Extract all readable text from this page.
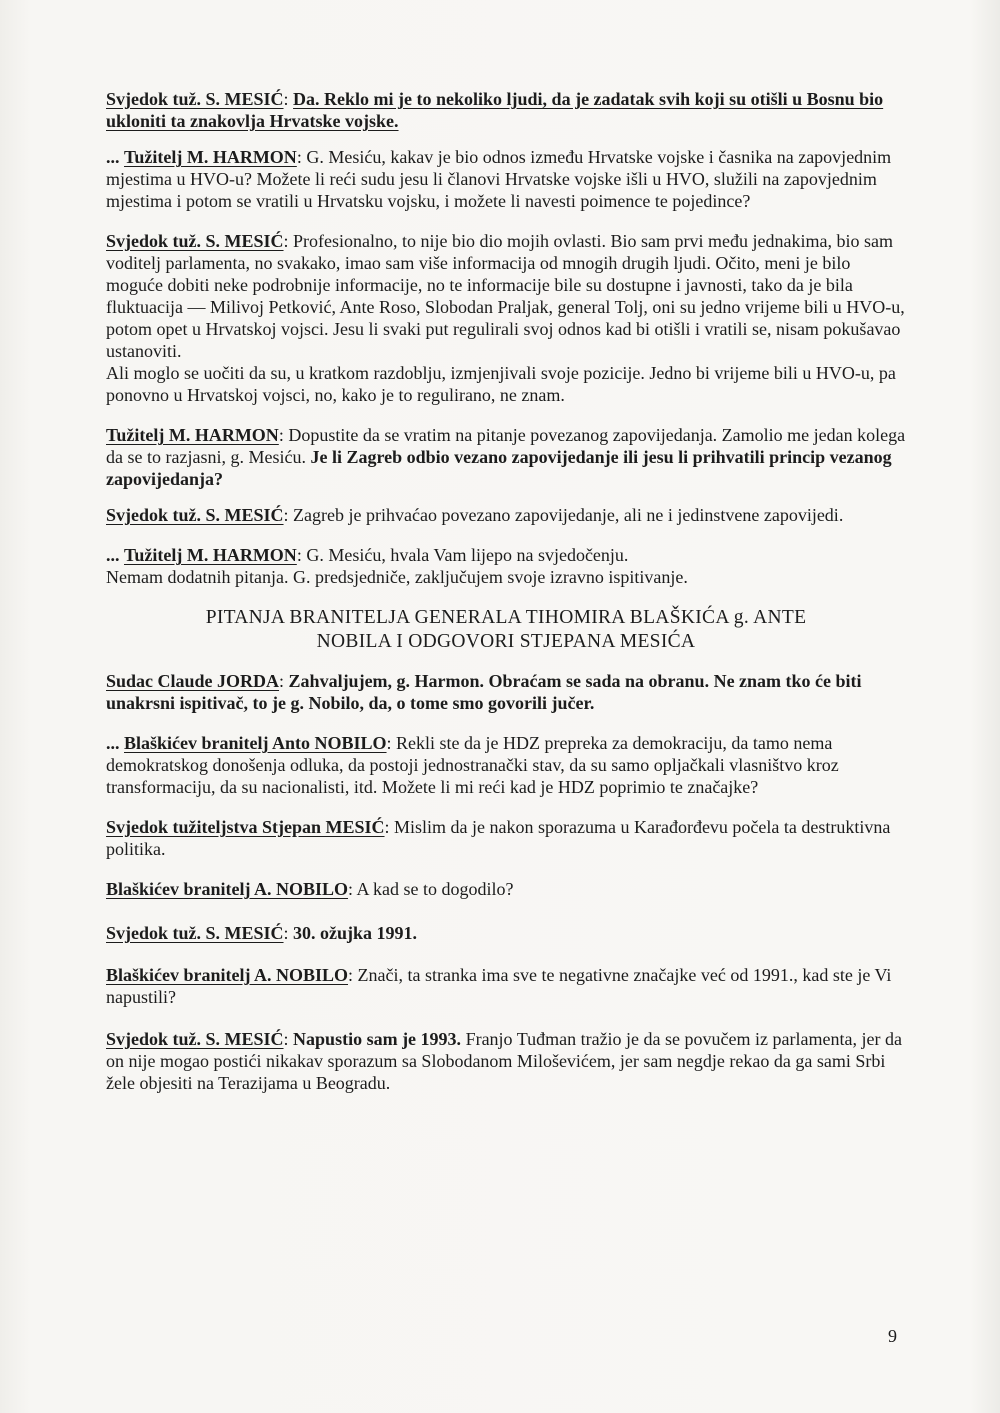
Svjedok tuž. S. MESIĆ: Da. Reklo mi je to nekoliko ljudi, da je zadatak svih koji su otišli u Bosnu bio ukloniti ta znakovlja Hrvatske vojske.

... Tužitelj M. HARMON: G. Mesiću, kakav je bio odnos između Hrvatske vojske i časnika na zapovjednim mjestima u HVO-u? Možete li reći sudu jesu li članovi Hrvatske vojske išli u HVO, služili na zapovjednim mjestima i potom se vratili u Hrvatsku vojsku, i možete li navesti poimence te pojedince?

Svjedok tuž. S. MESIĆ: Profesionalno, to nije bio dio mojih ovlasti. Bio sam prvi među jednakima, bio sam voditelj parlamenta, no svakako, imao sam više informacija od mnogih drugih ljudi. Očito, meni je bilo moguće dobiti neke podrobnije informacije, no te informacije bile su dostupne i javnosti, tako da je bila fluktuacija — Milivoj Petković, Ante Roso, Slobodan Praljak, general Tolj, oni su jedno vrijeme bili u HVO-u, potom opet u Hrvatskoj vojsci. Jesu li svaki put regulirali svoj odnos kad bi otišli i vratili se, nisam pokušavao ustanoviti.

Ali moglo se uočiti da su, u kratkom razdoblju, izmjenjivali svoje pozicije. Jedno bi vrijeme bili u HVO-u, pa ponovno u Hrvatskoj vojsci, no, kako je to regulirano, ne znam.

Tužitelj M. HARMON: Dopustite da se vratim na pitanje povezanog zapovijedanja. Zamolio me jedan kolega da se to razjasni, g. Mesiću. Je li Zagreb odbio vezano zapovijedanje ili jesu li prihvatili princip vezanog zapovijedanja?

Svjedok tuž. S. MESIĆ: Zagreb je prihvaćao povezano zapovijedanje, ali ne i jedinstvene zapovijedi.

... Tužitelj M. HARMON: G. Mesiću, hvala Vam lijepo na svjedočenju.

Nemam dodatnih pitanja. G. predsjedniče, zaključujem svoje izravno ispitivanje.

PITANJA BRANITELJA GENERALA TIHOMIRA BLAŠKIĆA g. ANTE
NOBILA I ODGOVORI STJEPANA MESIĆA

Sudac Claude JORDA: Zahvaljujem, g. Harmon. Obraćam se sada na obranu. Ne znam tko će biti unakrsni ispitivač, to je g. Nobilo, da, o tome smo govorili jučer.

... Blaškićev branitelj Anto NOBILO: Rekli ste da je HDZ prepreka za demokraciju, da tamo nema demokratskog donošenja odluka, da postoji jednostranački stav, da su samo opljačkali vlasništvo kroz transformaciju, da su nacionalisti, itd. Možete li mi reći kad je HDZ poprimio te značajke?

Svjedok tužiteljstva Stjepan MESIĆ: Mislim da je nakon sporazuma u Karađorđevu počela ta destruktivna politika.

Blaškićev branitelj A. NOBILO: A kad se to dogodilo?

Svjedok tuž. S. MESIĆ: 30. ožujka 1991.

Blaškićev branitelj A. NOBILO: Znači, ta stranka ima sve te negativne značajke već od 1991., kad ste je Vi napustili?

Svjedok tuž. S. MESIĆ: Napustio sam je 1993. Franjo Tuđman tražio je da se povučem iz parlamenta, jer da on nije mogao postići nikakav sporazum sa Slobodanom Miloševićem, jer sam negdje rekao da ga sami Srbi žele objesiti na Terazijama u Beogradu.

9
